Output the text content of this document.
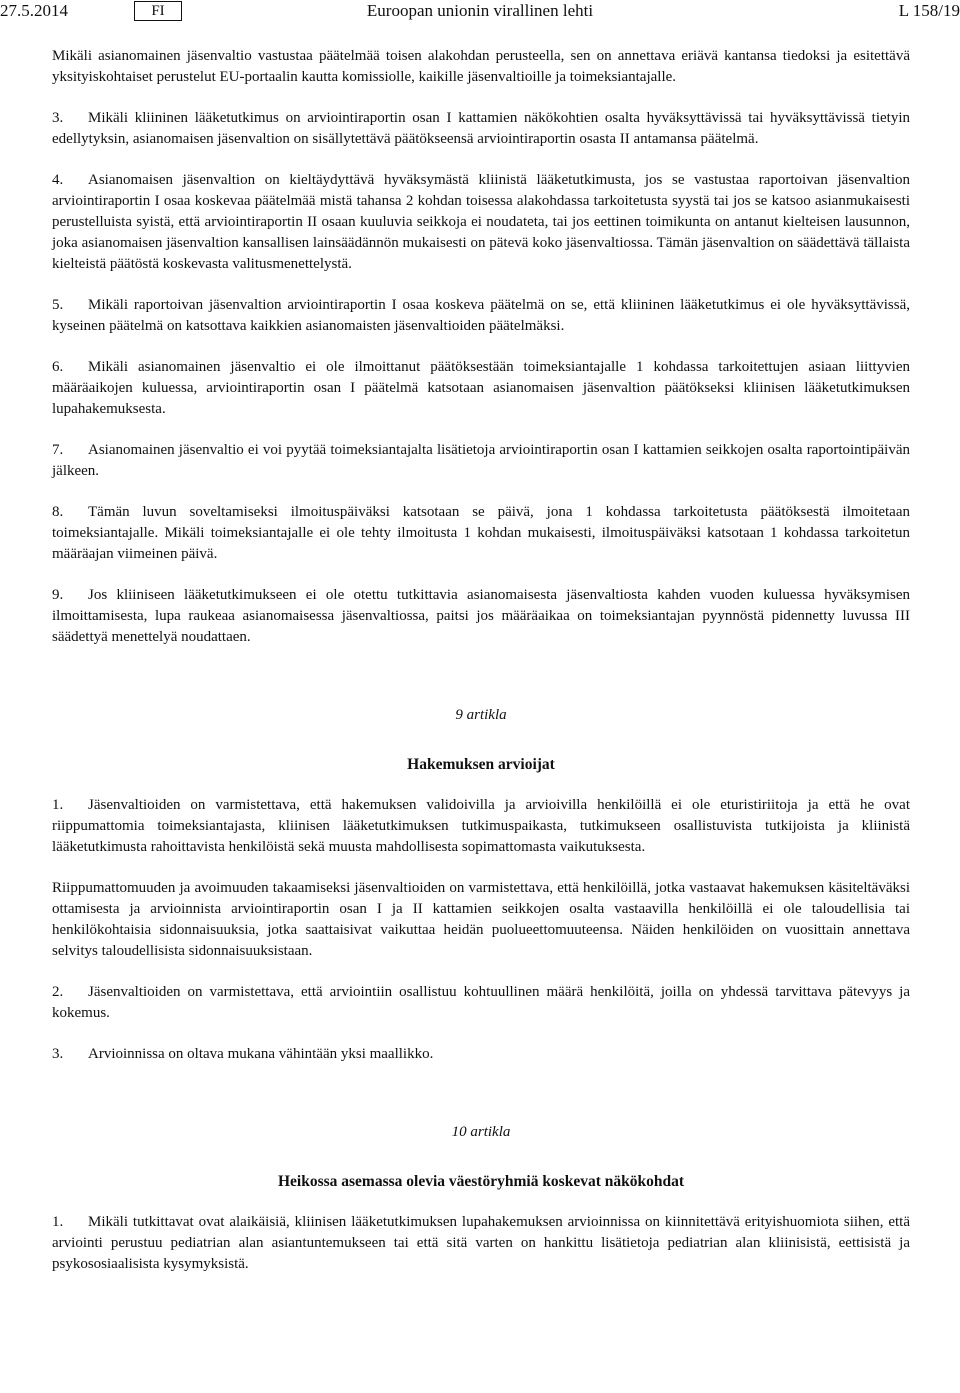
27.5.2014	FI	Euroopan unionin virallinen lehti	L 158/19

Mikäli asianomainen jäsenvaltio vastustaa päätelmää toisen alakohdan perusteella, sen on annettava eriävä kantansa tiedoksi ja esitettävä yksityiskohtaiset perustelut EU-portaalin kautta komissiolle, kaikille jäsenvaltioille ja toimeksiantajalle.

3. Mikäli kliininen lääketutkimus on arviointiraportin osan I kattamien näkökohtien osalta hyväksyttävissä tai hyväksyttävissä tietyin edellytyksin, asianomaisen jäsenvaltion on sisällytettävä päätökseensä arviointiraportin osasta II antamansa päätelmä.

4. Asianomaisen jäsenvaltion on kieltäydyttävä hyväksymästä kliinistä lääketutkimusta, jos se vastustaa raportoivan jäsenvaltion arviointiraportin I osaa koskevaa päätelmää mistä tahansa 2 kohdan toisessa alakohdassa tarkoitetusta syystä tai jos se katsoo asianmukaisesti perustelluista syistä, että arviointiraportin II osaan kuuluvia seikkoja ei noudateta, tai jos eettinen toimikunta on antanut kielteisen lausunnon, joka asianomaisen jäsenvaltion kansallisen lainsäädännön mukaisesti on pätevä koko jäsenvaltiossa. Tämän jäsenvaltion on säädettävä tällaista kielteistä päätöstä koskevasta valitusmenettelystä.

5. Mikäli raportoivan jäsenvaltion arviointiraportin I osaa koskeva päätelmä on se, että kliininen lääketutkimus ei ole hyväksyttävissä, kyseinen päätelmä on katsottava kaikkien asianomaisten jäsenvaltioiden päätelmäksi.

6. Mikäli asianomainen jäsenvaltio ei ole ilmoittanut päätöksestään toimeksiantajalle 1 kohdassa tarkoitettujen asiaan liittyvien määräaikojen kuluessa, arviointiraportin osan I päätelmä katsotaan asianomaisen jäsenvaltion päätökseksi kliinisen lääketutkimuksen lupahakemuksesta.

7. Asianomainen jäsenvaltio ei voi pyytää toimeksiantajalta lisätietoja arviointiraportin osan I kattamien seikkojen osalta raportointipäivän jälkeen.

8. Tämän luvun soveltamiseksi ilmoituspäiväksi katsotaan se päivä, jona 1 kohdassa tarkoitetusta päätöksestä ilmoitetaan toimeksiantajalle. Mikäli toimeksiantajalle ei ole tehty ilmoitusta 1 kohdan mukaisesti, ilmoituspäiväksi katsotaan 1 kohdassa tarkoitetun määräajan viimeinen päivä.

9. Jos kliiniseen lääketutkimukseen ei ole otettu tutkittavia asianomaisesta jäsenvaltiosta kahden vuoden kuluessa hyväksymisen ilmoittamisesta, lupa raukeaa asianomaisessa jäsenvaltiossa, paitsi jos määräaikaa on toimeksiantajan pyynnöstä pidennetty luvussa III säädettyä menettelyä noudattaen.

9 artikla
Hakemuksen arvioijat

1. Jäsenvaltioiden on varmistettava, että hakemuksen validoivilla ja arvioivilla henkilöillä ei ole eturistiriitoja ja että he ovat riippumattomia toimeksiantajasta, kliinisen lääketutkimuksen tutkimuspaikasta, tutkimukseen osallistuvista tutkijoista ja kliinistä lääketutkimusta rahoittavista henkilöistä sekä muusta mahdollisesta sopimattomasta vaikutuksesta.

Riippumattomuuden ja avoimuuden takaamiseksi jäsenvaltioiden on varmistettava, että henkilöillä, jotka vastaavat hakemuksen käsiteltäväksi ottamisesta ja arvioinnista arviointiraportin osan I ja II kattamien seikkojen osalta vastaavilla henkilöillä ei ole taloudellisia tai henkilökohtaisia sidonnaisuuksia, jotka saattaisivat vaikuttaa heidän puolueettomuuteensa. Näiden henkilöiden on vuosittain annettava selvitys taloudellisista sidonnaisuuksistaan.

2. Jäsenvaltioiden on varmistettava, että arviointiin osallistuu kohtuullinen määrä henkilöitä, joilla on yhdessä tarvittava pätevyys ja kokemus.

3. Arvioinnissa on oltava mukana vähintään yksi maallikko.

10 artikla
Heikossa asemassa olevia väestöryhmiä koskevat näkökohdat

1. Mikäli tutkittavat ovat alaikäisiä, kliinisen lääketutkimuksen lupahakemuksen arvioinnissa on kiinnitettävä erityishuomiota siihen, että arviointi perustuu pediatrian alan asiantuntemukseen tai että sitä varten on hankittu lisätietoja pediatrian alan kliinisistä, eettisistä ja psykososiaalisista kysymyksistä.
